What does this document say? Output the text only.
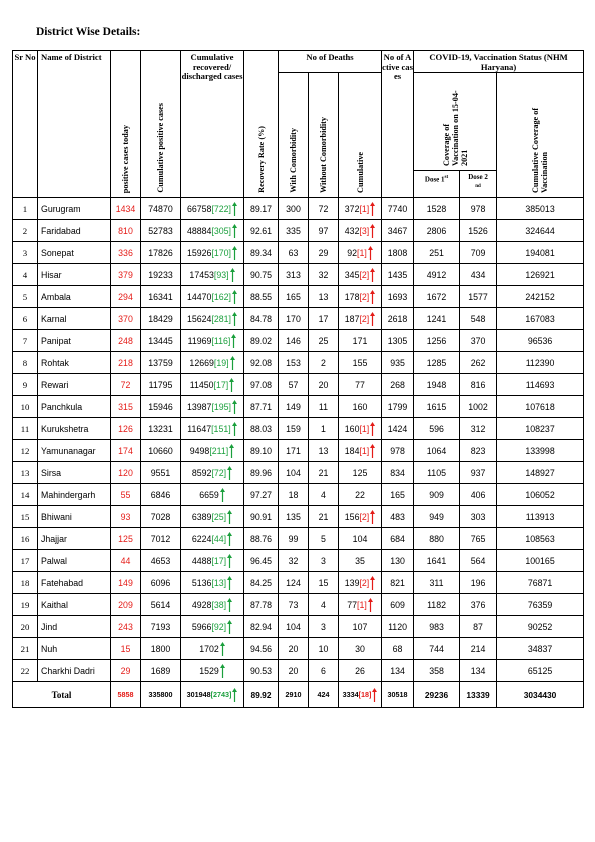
District Wise Details:
Sr No	Name of District	positive cases today	Cumulative positive cases	Cumulative recovered/ discharged cases	Recovery Rate (%)	No of Deaths			No of Active cases	COVID-19, Vaccination Status (NHM Haryana)		

						With Comorbidity	Without Comorbidity	Cumulative		Coverage of Vaccination on 15-04-2021		Cumulative Coverage of Vaccination

										Dose 1st	Dose 2
$^{nd}$
1	Gurugram	1434	74870	66758[722]	89.17	300	72	372[1]	7740	1528	978	385013
2	Faridabad	810	52783	48884[305]	92.61	335	97	432[3]	3467	2806	1526	324644
3	Sonepat	336	17826	15926[170]	89.34	63	29	92[1]	1808	251	709	194081
4	Hisar	379	19233	17453[93]	90.75	313	32	345[2]	1435	4912	434	126921
5	Ambala	294	16341	14470[162]	88.55	165	13	178[2]	1693	1672	1577	242152
6	Karnal	370	18429	15624[281]	84.78	170	17	187[2]	2618	1241	548	167083
7	Panipat	248	13445	11969[116]	89.02	146	25	171	1305	1256	370	96536
8	Rohtak	218	13759	12669[19]	92.08	153	2	155	935	1285	262	112390
9	Rewari	72	11795	11450[17]	97.08	57	20	77	268	1948	816	114693
10	Panchkula	315	15946	13987[195]	87.71	149	11	160	1799	1615	1002	107618
11	Kurukshetra	126	13231	11647[151]	88.03	159	1	160[1]	1424	596	312	108237
12	Yamunanagar	174	10660	9498[211]	89.10	171	13	184[1]	978	1064	823	133998
13	Sirsa	120	9551	8592[72]	89.96	104	21	125	834	1105	937	148927
14	Mahindergarh	55	6846	6659	97.27	18	4	22	165	909	406	106052
15	Bhiwani	93	7028	6389[25]	90.91	135	21	156[2]	483	949	303	113913
16	Jhajjar	125	7012	6224[44]	88.76	99	5	104	684	880	765	108563
17	Palwal	44	4653	4488[17]	96.45	32	3	35	130	1641	564	100165
18	Fatehabad	149	6096	5136[13]	84.25	124	15	139[2]	821	311	196	76871
19	Kaithal	209	5614	4928[38]	87.78	73	4	77[1]	609	1182	376	76359
20	Jind	243	7193	5966[92]	82.94	104	3	107	1120	983	87	90252
21	Nuh	15	1800	1702	94.56	20	10	30	68	744	214	34837
22	Charkhi Dadri	29	1689	1529	90.53	20	6	26	134	358	134	65125
Total		5858	335800	301948[2743]	89.92	2910	424	3334[18]	30518	29236	13339	3034430
